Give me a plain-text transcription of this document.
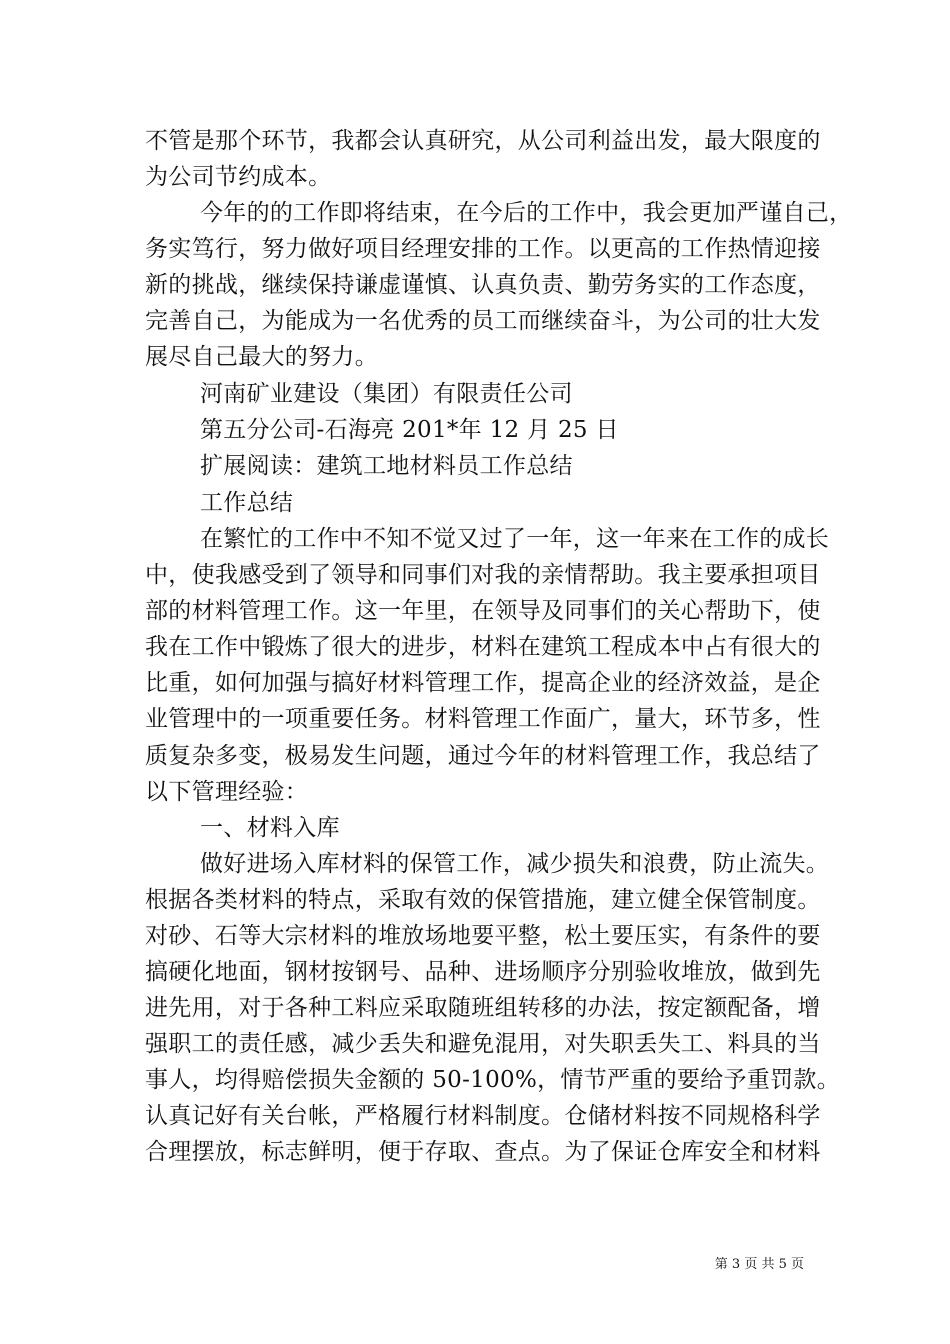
不管是那个环节，我都会认真研究，从公司利益出发，最大限度的
为公司节约成本。
今年的的工作即将结束，在今后的工作中，我会更加严谨自己，
务实笃行，努力做好项目经理安排的工作。以更高的工作热情迎接
新的挑战，继续保持谦虚谨慎、认真负责、勤劳务实的工作态度，
完善自己，为能成为一名优秀的员工而继续奋斗，为公司的壮大发
展尽自己最大的努力。
河南矿业建设（集团）有限责任公司
第五分公司-石海亮 201*年 12 月 25 日
扩展阅读：建筑工地材料员工作总结
工作总结
在繁忙的工作中不知不觉又过了一年，这一年来在工作的成长
中，使我感受到了领导和同事们对我的亲情帮助。我主要承担项目
部的材料管理工作。这一年里，在领导及同事们的关心帮助下，使
我在工作中锻炼了很大的进步，材料在建筑工程成本中占有很大的
比重，如何加强与搞好材料管理工作，提高企业的经济效益，是企
业管理中的一项重要任务。材料管理工作面广，量大，环节多，性
质复杂多变，极易发生问题，通过今年的材料管理工作，我总结了
以下管理经验：
一、材料入库
做好进场入库材料的保管工作，减少损失和浪费，防止流失。
根据各类材料的特点，采取有效的保管措施，建立健全保管制度。
对砂、石等大宗材料的堆放场地要平整，松土要压实，有条件的要
搞硬化地面，钢材按钢号、品种、进场顺序分别验收堆放，做到先
进先用，对于各种工料应采取随班组转移的办法，按定额配备，增
强职工的责任感，减少丢失和避免混用，对失职丢失工、料具的当
事人，均得赔偿损失金额的 50-100%，情节严重的要给予重罚款。
认真记好有关台帐，严格履行材料制度。仓储材料按不同规格科学
合理摆放，标志鲜明，便于存取、查点。为了保证仓库安全和材料
第 3 页 共 5 页
